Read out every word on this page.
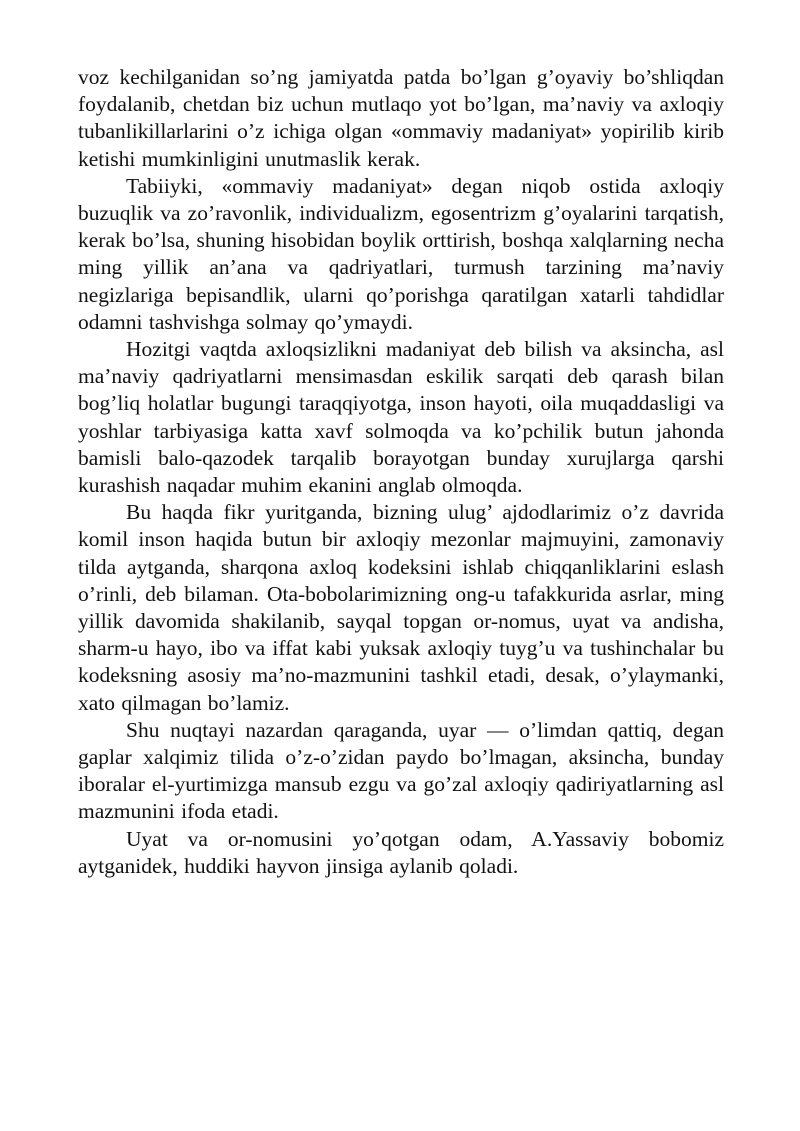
voz kechilganidan so’ng jamiyatda patda bo’lgan g’oyaviy bo’shliqdan foydalanib, chetdan biz uchun mutlaqo yot bo’lgan, ma’naviy va axloqiy tubanlikillarlarini o’z ichiga olgan «ommaviy madaniyat» yopirilib kirib ketishi mumkinligini unutmaslik kerak.

Tabiiyki, «ommaviy madaniyat» degan niqob ostida axloqiy buzuqlik va zo’ravonlik, individualizm, egosentrizm g’oyalarini tarqatish, kerak bo’lsa, shuning hisobidan boylik orttirish, boshqa xalqlarning necha ming yillik an’ana va qadriyatlari, turmush tarzining ma’naviy negizlariga bepisandlik, ularni qo’porishga qaratilgan xatarli tahdidlar odamni tashvishga solmay qo’ymaydi.

Hozitgi vaqtda axloqsizlikni madaniyat deb bilish va aksincha, asl ma’naviy qadriyatlarni mensimasdan eskilik sarqati deb qarash bilan bog’liq holatlar bugungi taraqqiyotga, inson hayoti, oila muqaddasligi va yoshlar tarbiyasiga katta xavf solmoqda va ko’pchilik butun jahonda bamisli balo-qazodek tarqalib borayotgan bunday xurujlarga qarshi kurashish naqadar muhim ekanini anglab olmoqda.

Bu haqda fikr yuritganda, bizning ulug’ ajdodlarimiz o’z davrida komil inson haqida butun bir axloqiy mezonlar majmuyini, zamonaviy tilda aytganda, sharqona axloq kodeksini ishlab chiqqanliklarini eslash o’rinli, deb bilaman. Ota-bobolarimizning ong-u tafakkurida asrlar, ming yillik davomida shakilanib, sayqal topgan or-nomus, uyat va andisha, sharm-u hayo, ibo va iffat kabi yuksak axloqiy tuyg’u va tushinchalar bu kodeksning asosiy ma’no-mazmunini tashkil etadi, desak, o’ylaymanki, xato qilmagan bo’lamiz.

Shu nuqtayi nazardan qaraganda, uyar — o’limdan qattiq, degan gaplar xalqimiz tilida o’z-o’zidan paydo bo’lmagan, aksincha, bunday iboralar el-yurtimizga mansub ezgu va go’zal axloqiy qadiriyatlarning asl mazmunini ifoda etadi.

Uyat va or-nomusini yo’qotgan odam, A.Yassaviy bobomiz aytganidek, huddiki hayvon jinsiga aylanib qoladi.
